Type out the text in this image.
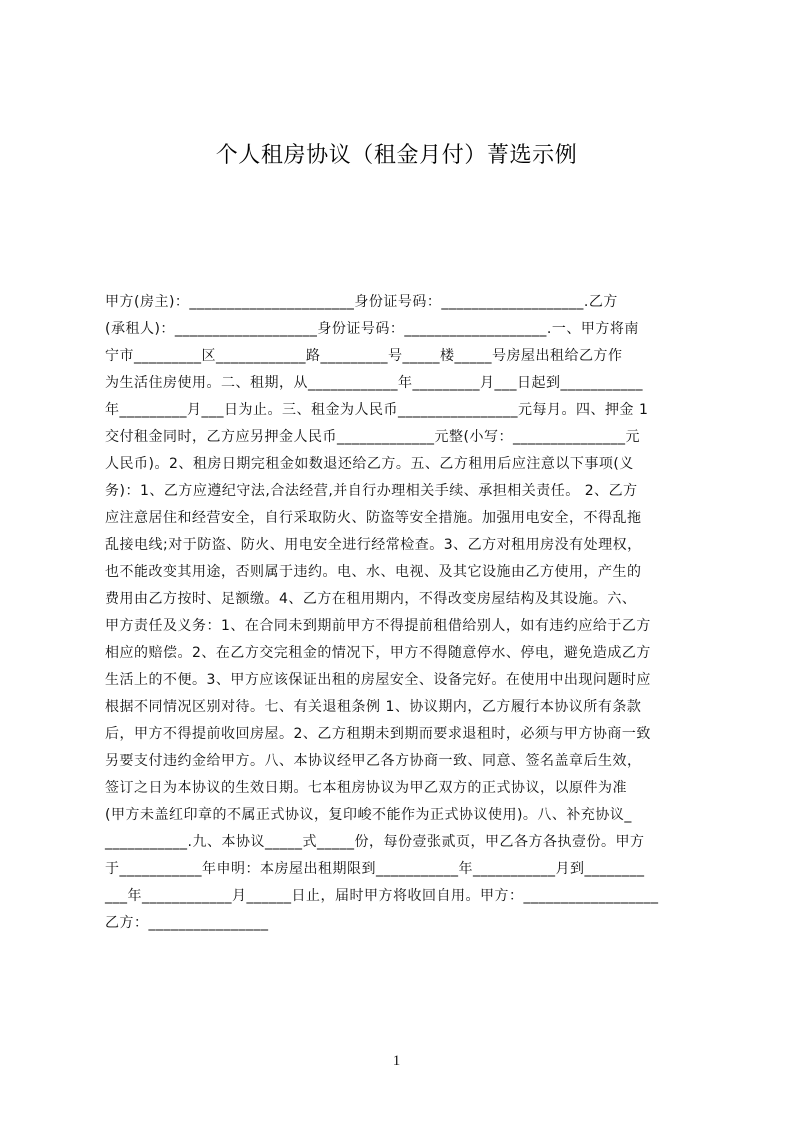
个人租房协议（租金月付）菁选示例
甲方(房主)：______________________身份证号码：___________________.乙方
(承租人)：___________________身份证号码：___________________.一、甲方将南
宁市_________区____________路_________号_____楼_____号房屋出租给乙方作
为生活住房使用。二、租期，从____________年_________月___日起到___________
年_________月___日为止。三、租金为人民币________________元每月。四、押金 1
交付租金同时，乙方应另押金人民币_____________元整(小写：_______________元
人民币)。2、租房日期完租金如数退还给乙方。五、乙方租用后应注意以下事项(义
务)：1、乙方应遵纪守法,合法经营,并自行办理相关手续、承担相关责任。 2、乙方
应注意居住和经营安全，自行采取防火、防盗等安全措施。加强用电安全，不得乱拖
乱接电线;对于防盗、防火、用电安全进行经常检查。3、乙方对租用房没有处理权，
也不能改变其用途，否则属于违约。电、水、电视、及其它设施由乙方使用，产生的
费用由乙方按时、足额缴。4、乙方在租用期内，不得改变房屋结构及其设施。六、
甲方责任及义务：1、在合同未到期前甲方不得提前租借给别人，如有违约应给于乙方
相应的赔偿。2、在乙方交完租金的情况下，甲方不得随意停水、停电，避免造成乙方
生活上的不便。3、甲方应该保证出租的房屋安全、设备完好。在使用中出现问题时应
根据不同情况区别对待。七、有关退租条例 1、协议期内，乙方履行本协议所有条款
后，甲方不得提前收回房屋。2、乙方租期未到期而要求退租时，必须与甲方协商一致
另要支付违约金给甲方。八、本协议经甲乙各方协商一致、同意、签名盖章后生效，
签订之日为本协议的生效日期。七本租房协议为甲乙双方的正式协议，以原件为准
(甲方未盖红印章的不属正式协议，复印峻不能作为正式协议使用)。八、补充协议_
___________.九、本协议_____式_____份，每份壹张贰页，甲乙各方各执壹份。甲方
于___________年申明：本房屋出租期限到___________年___________月到________
___年____________月______日止，届时甲方将收回自用。甲方：__________________
乙方：________________
1
